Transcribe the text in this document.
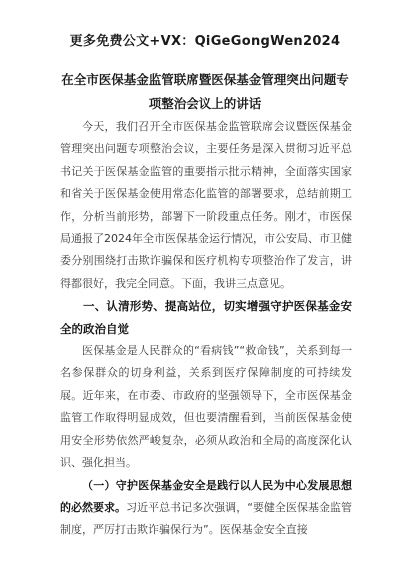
更多免费公文+VX：QiGeGongWen2024
在全市医保基金监管联席暨医保基金管理突出问题专项整治会议上的讲话

今天，我们召开全市医保基金监管联席会议暨医保基金管理突出问题专项整治会议，主要任务是深入贯彻习近平总书记关于医保基金监管的重要指示批示精神，全面落实国家和省关于医保基金使用常态化监管的部署要求，总结前期工作，分析当前形势，部署下一阶段重点任务。刚才，市医保局通报了2024年全市医保基金运行情况，市公安局、市卫健委分别围绕打击欺诈骗保和医疗机构专项整治作了发言，讲得都很好，我完全同意。下面，我讲三点意见。

一、认清形势、提高站位，切实增强守护医保基金安全的政治自觉

医保基金是人民群众的“看病钱”“救命钱”，关系到每一名参保群众的切身利益，关系到医疗保障制度的可持续发展。近年来，在市委、市政府的坚强领导下，全市医保基金监管工作取得明显成效，但也要清醒看到，当前医保基金使用安全形势依然严峻复杂，必须从政治和全局的高度深化认识、强化担当。

（一）守护医保基金安全是践行以人民为中心发展思想的必然要求。习近平总书记多次强调，“要健全医保基金监管制度，严厉打击欺诈骗保行为”。医保基金安全直接
